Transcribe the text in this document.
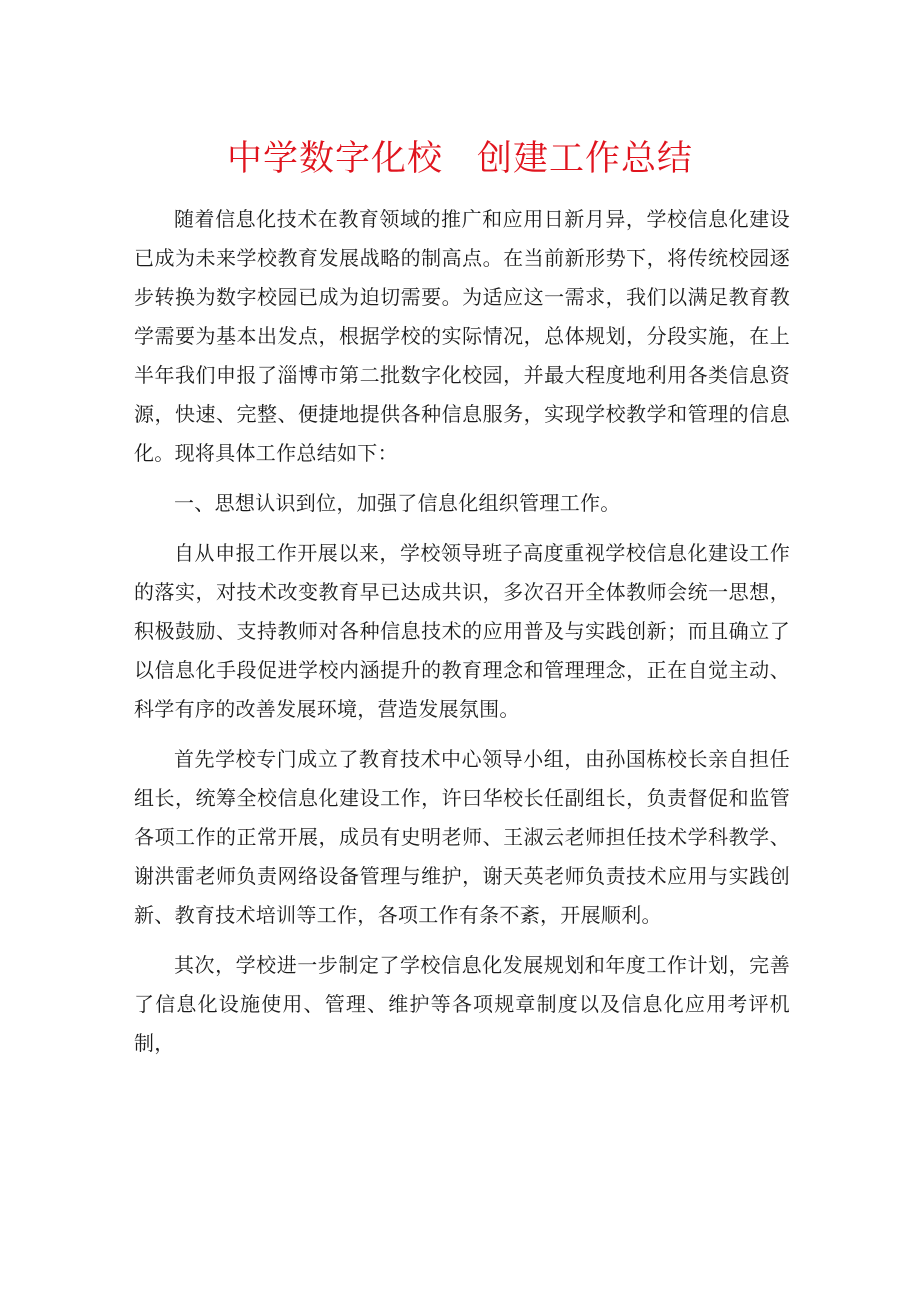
中学数字化校 创建工作总结

随着信息化技术在教育领域的推广和应用日新月异，学校信息化建设已成为未来学校教育发展战略的制高点。在当前新形势下，将传统校园逐步转换为数字校园已成为迫切需要。为适应这一需求，我们以满足教育教学需要为基本出发点，根据学校的实际情况，总体规划，分段实施，在上半年我们申报了淄博市第二批数字化校园，并最大程度地利用各类信息资源，快速、完整、便捷地提供各种信息服务，实现学校教学和管理的信息化。现将具体工作总结如下：

一、思想认识到位，加强了信息化组织管理工作。

自从申报工作开展以来，学校领导班子高度重视学校信息化建设工作的落实，对技术改变教育早已达成共识，多次召开全体教师会统一思想，积极鼓励、支持教师对各种信息技术的应用普及与实践创新；而且确立了以信息化手段促进学校内涵提升的教育理念和管理理念，正在自觉主动、科学有序的改善发展环境，营造发展氛围。

首先学校专门成立了教育技术中心领导小组，由孙国栋校长亲自担任组长，统筹全校信息化建设工作，许曰华校长任副组长，负责督促和监管各项工作的正常开展，成员有史明老师、王淑云老师担任技术学科教学、谢洪雷老师负责网络设备管理与维护，谢天英老师负责技术应用与实践创新、教育技术培训等工作，各项工作有条不紊，开展顺利。

其次，学校进一步制定了学校信息化发展规划和年度工作计划，完善了信息化设施使用、管理、维护等各项规章制度以及信息化应用考评机制，
